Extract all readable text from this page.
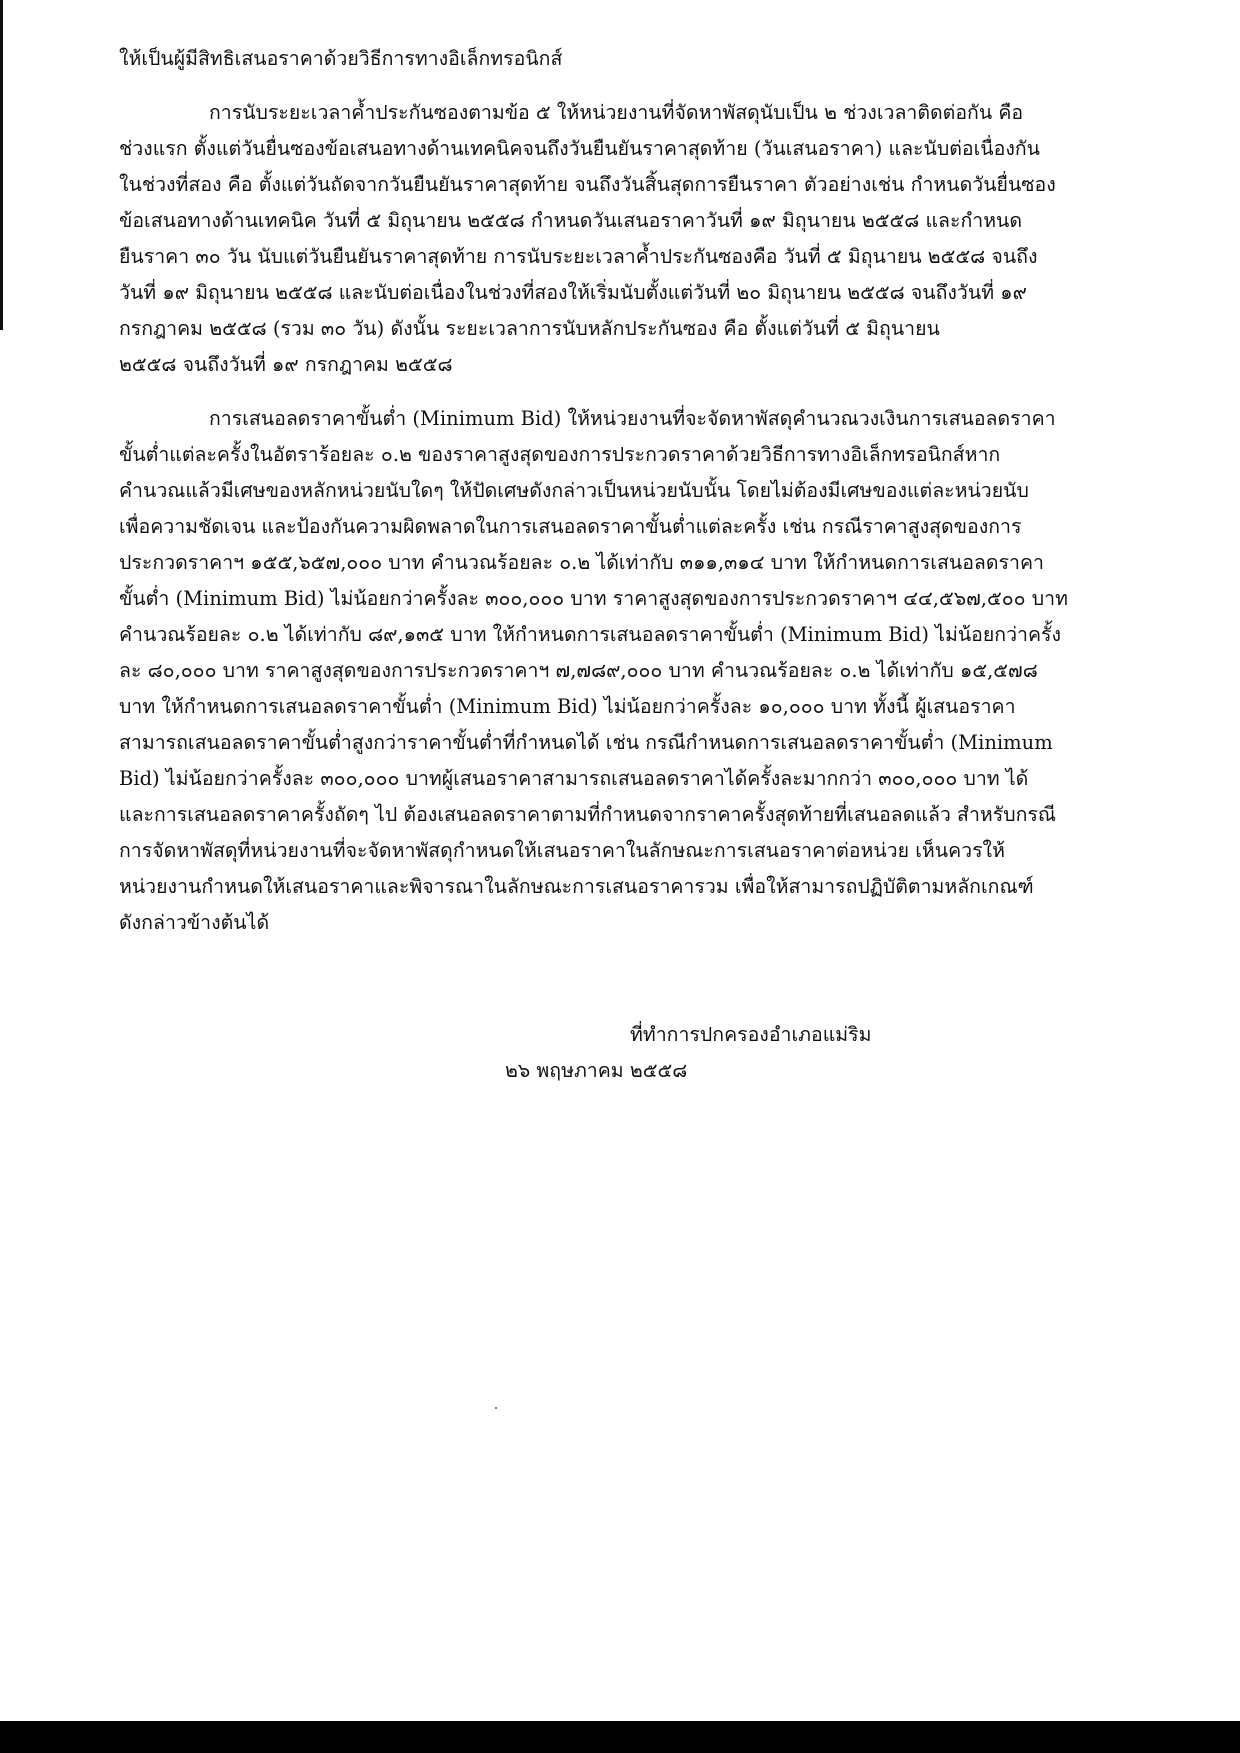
ให้เป็นผู้มีสิทธิเสนอราคาด้วยวิธีการทางอิเล็กทรอนิกส์
การนับระยะเวลาค้ำประกันซองตามข้อ ๕ ให้หน่วยงานที่จัดหาพัสดุนับเป็น ๒ ช่วงเวลาติดต่อกัน คือ
ช่วงแรก ตั้งแต่วันยื่นซองข้อเสนอทางด้านเทคนิคจนถึงวันยืนยันราคาสุดท้าย (วันเสนอราคา) และนับต่อเนื่องกัน
ในช่วงที่สอง คือ ตั้งแต่วันถัดจากวันยืนยันราคาสุดท้าย จนถึงวันสิ้นสุดการยืนราคา ตัวอย่างเช่น กำหนดวันยื่นซอง
ข้อเสนอทางด้านเทคนิค วันที่ ๕ มิถุนายน ๒๕๕๘ กำหนดวันเสนอราคาวันที่ ๑๙ มิถุนายน ๒๕๕๘ และกำหนด
ยืนราคา ๓๐ วัน นับแต่วันยืนยันราคาสุดท้าย การนับระยะเวลาค้ำประกันซองคือ วันที่ ๕ มิถุนายน ๒๕๕๘ จนถึง
วันที่ ๑๙ มิถุนายน ๒๕๕๘ และนับต่อเนื่องในช่วงที่สองให้เริ่มนับตั้งแต่วันที่ ๒๐ มิถุนายน ๒๕๕๘ จนถึงวันที่ ๑๙
กรกฎาคม ๒๕๕๘ (รวม ๓๐ วัน) ดังนั้น ระยะเวลาการนับหลักประกันซอง คือ ตั้งแต่วันที่ ๕ มิถุนายน
๒๕๕๘ จนถึงวันที่ ๑๙ กรกฎาคม ๒๕๕๘
การเสนอลดราคาขั้นต่ำ (Minimum Bid) ให้หน่วยงานที่จะจัดหาพัสดุคำนวณวงเงินการเสนอลดราคา
ขั้นต่ำแต่ละครั้งในอัตราร้อยละ ๐.๒ ของราคาสูงสุดของการประกวดราคาด้วยวิธีการทางอิเล็กทรอนิกส์หาก
คำนวณแล้วมีเศษของหลักหน่วยนับใดๆ ให้ปัดเศษดังกล่าวเป็นหน่วยนับนั้น โดยไม่ต้องมีเศษของแต่ละหน่วยนับ
เพื่อความชัดเจน และป้องกันความผิดพลาดในการเสนอลดราคาขั้นต่ำแต่ละครั้ง เช่น กรณีราคาสูงสุดของการ
ประกวดราคาฯ ๑๕๕,๖๕๗,๐๐๐ บาท คำนวณร้อยละ ๐.๒ ได้เท่ากับ ๓๑๑,๓๑๔ บาท ให้กำหนดการเสนอลดราคา
ขั้นต่ำ (Minimum Bid) ไม่น้อยกว่าครั้งละ ๓๐๐,๐๐๐ บาท ราคาสูงสุดของการประกวดราคาฯ ๔๔,๕๖๗,๕๐๐ บาท
คำนวณร้อยละ ๐.๒ ได้เท่ากับ ๘๙,๑๓๕ บาท ให้กำหนดการเสนอลดราคาขั้นต่ำ (Minimum Bid) ไม่น้อยกว่าครั้ง
ละ ๘๐,๐๐๐ บาท ราคาสูงสุดของการประกวดราคาฯ ๗,๗๘๙,๐๐๐ บาท คำนวณร้อยละ ๐.๒ ได้เท่ากับ ๑๕,๕๗๘
บาท ให้กำหนดการเสนอลดราคาขั้นต่ำ (Minimum Bid) ไม่น้อยกว่าครั้งละ ๑๐,๐๐๐ บาท ทั้งนี้ ผู้เสนอราคา
สามารถเสนอลดราคาขั้นต่ำสูงกว่าราคาขั้นต่ำที่กำหนดได้ เช่น กรณีกำหนดการเสนอลดราคาขั้นต่ำ (Minimum
Bid) ไม่น้อยกว่าครั้งละ ๓๐๐,๐๐๐ บาทผู้เสนอราคาสามารถเสนอลดราคาได้ครั้งละมากกว่า ๓๐๐,๐๐๐ บาท ได้
และการเสนอลดราคาครั้งถัดๆ ไป ต้องเสนอลดราคาตามที่กำหนดจากราคาครั้งสุดท้ายที่เสนอลดแล้ว สำหรับกรณี
การจัดหาพัสดุที่หน่วยงานที่จะจัดหาพัสดุกำหนดให้เสนอราคาในลักษณะการเสนอราคาต่อหน่วย เห็นควรให้
หน่วยงานกำหนดให้เสนอราคาและพิจารณาในลักษณะการเสนอราคารวม เพื่อให้สามารถปฏิบัติตามหลักเกณฑ์
ดังกล่าวข้างต้นได้
ที่ทำการปกครองอำเภอแม่ริม
๒๖ พฤษภาคม ๒๕๕๘
